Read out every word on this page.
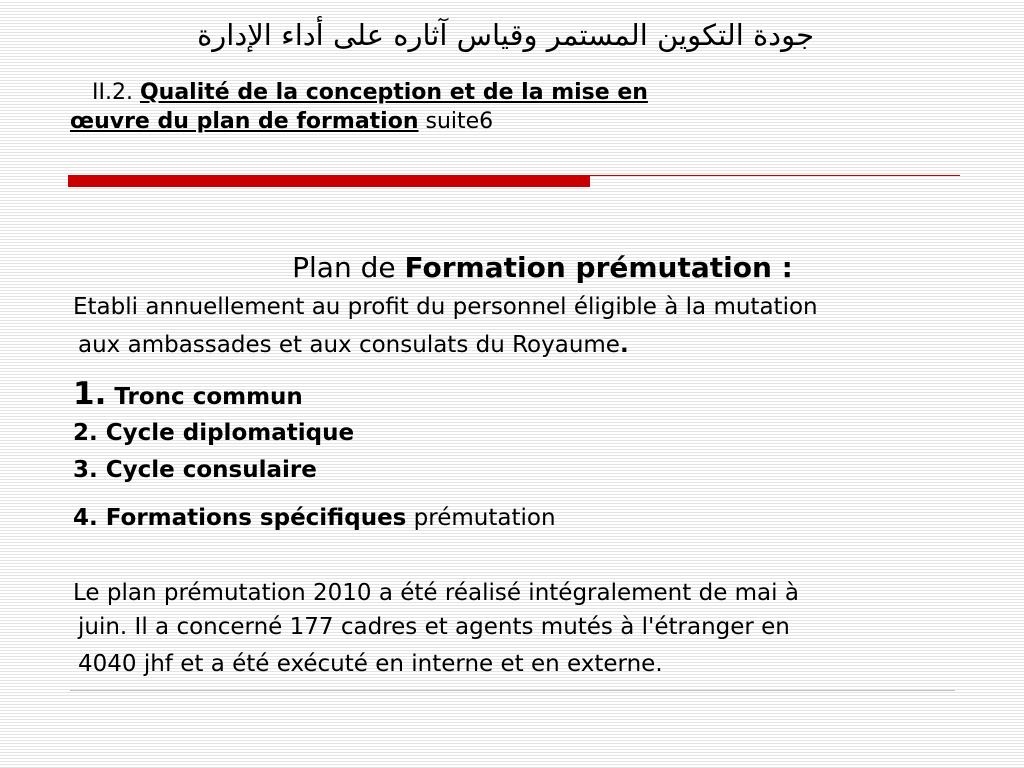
جودة التكوين المستمر وقياس آثاره على أداء الإدارة
II.2. Qualité de la conception et de la mise en
œuvre du plan de formation suite6
Plan de Formation prémutation :
Etabli annuellement au profit du personnel éligible à la mutation
aux ambassades et aux consulats du Royaume.
1. Tronc commun
2. Cycle diplomatique
3. Cycle consulaire
4. Formations spécifiques prémutation
Le plan prémutation 2010 a été réalisé intégralement de mai à
juin. Il a concerné 177 cadres et agents mutés à l'étranger en
4040 jhf et a été exécuté en interne et en externe.
